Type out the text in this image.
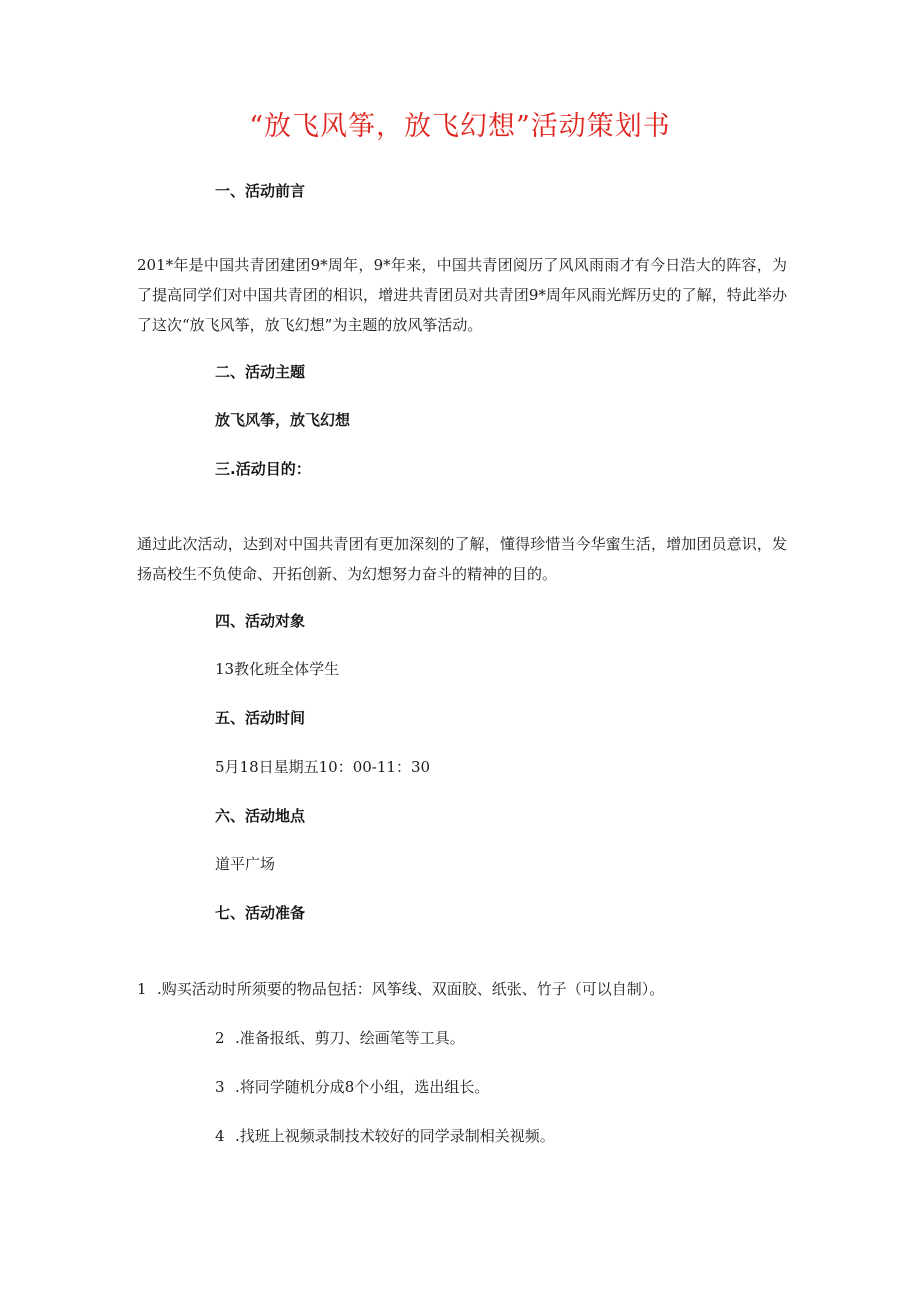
“放飞风筝，放飞幻想”活动策划书
一、活动前言
201*年是中国共青团建团9*周年，9*年来，中国共青团阅历了风风雨雨才有今日浩大的阵容，为了提高同学们对中国共青团的相识，增进共青团员对共青团9*周年风雨光辉历史的了解，特此举办了这次“放飞风筝，放飞幻想”为主题的放风筝活动。
二、活动主题
放飞风筝，放飞幻想
三.活动目的：
通过此次活动，达到对中国共青团有更加深刻的了解，懂得珍惜当今华蜜生活，增加团员意识，发扬高校生不负使命、开拓创新、为幻想努力奋斗的精神的目的。
四、活动对象
13教化班全体学生
五、活动时间
5月18日星期五10：00-11：30
六、活动地点
道平广场
七、活动准备
1 .购买活动时所须要的物品包括：风筝线、双面胶、纸张、竹子（可以自制）。
2 .准备报纸、剪刀、绘画笔等工具。
3 .将同学随机分成8个小组，选出组长。
4 .找班上视频录制技术较好的同学录制相关视频。
